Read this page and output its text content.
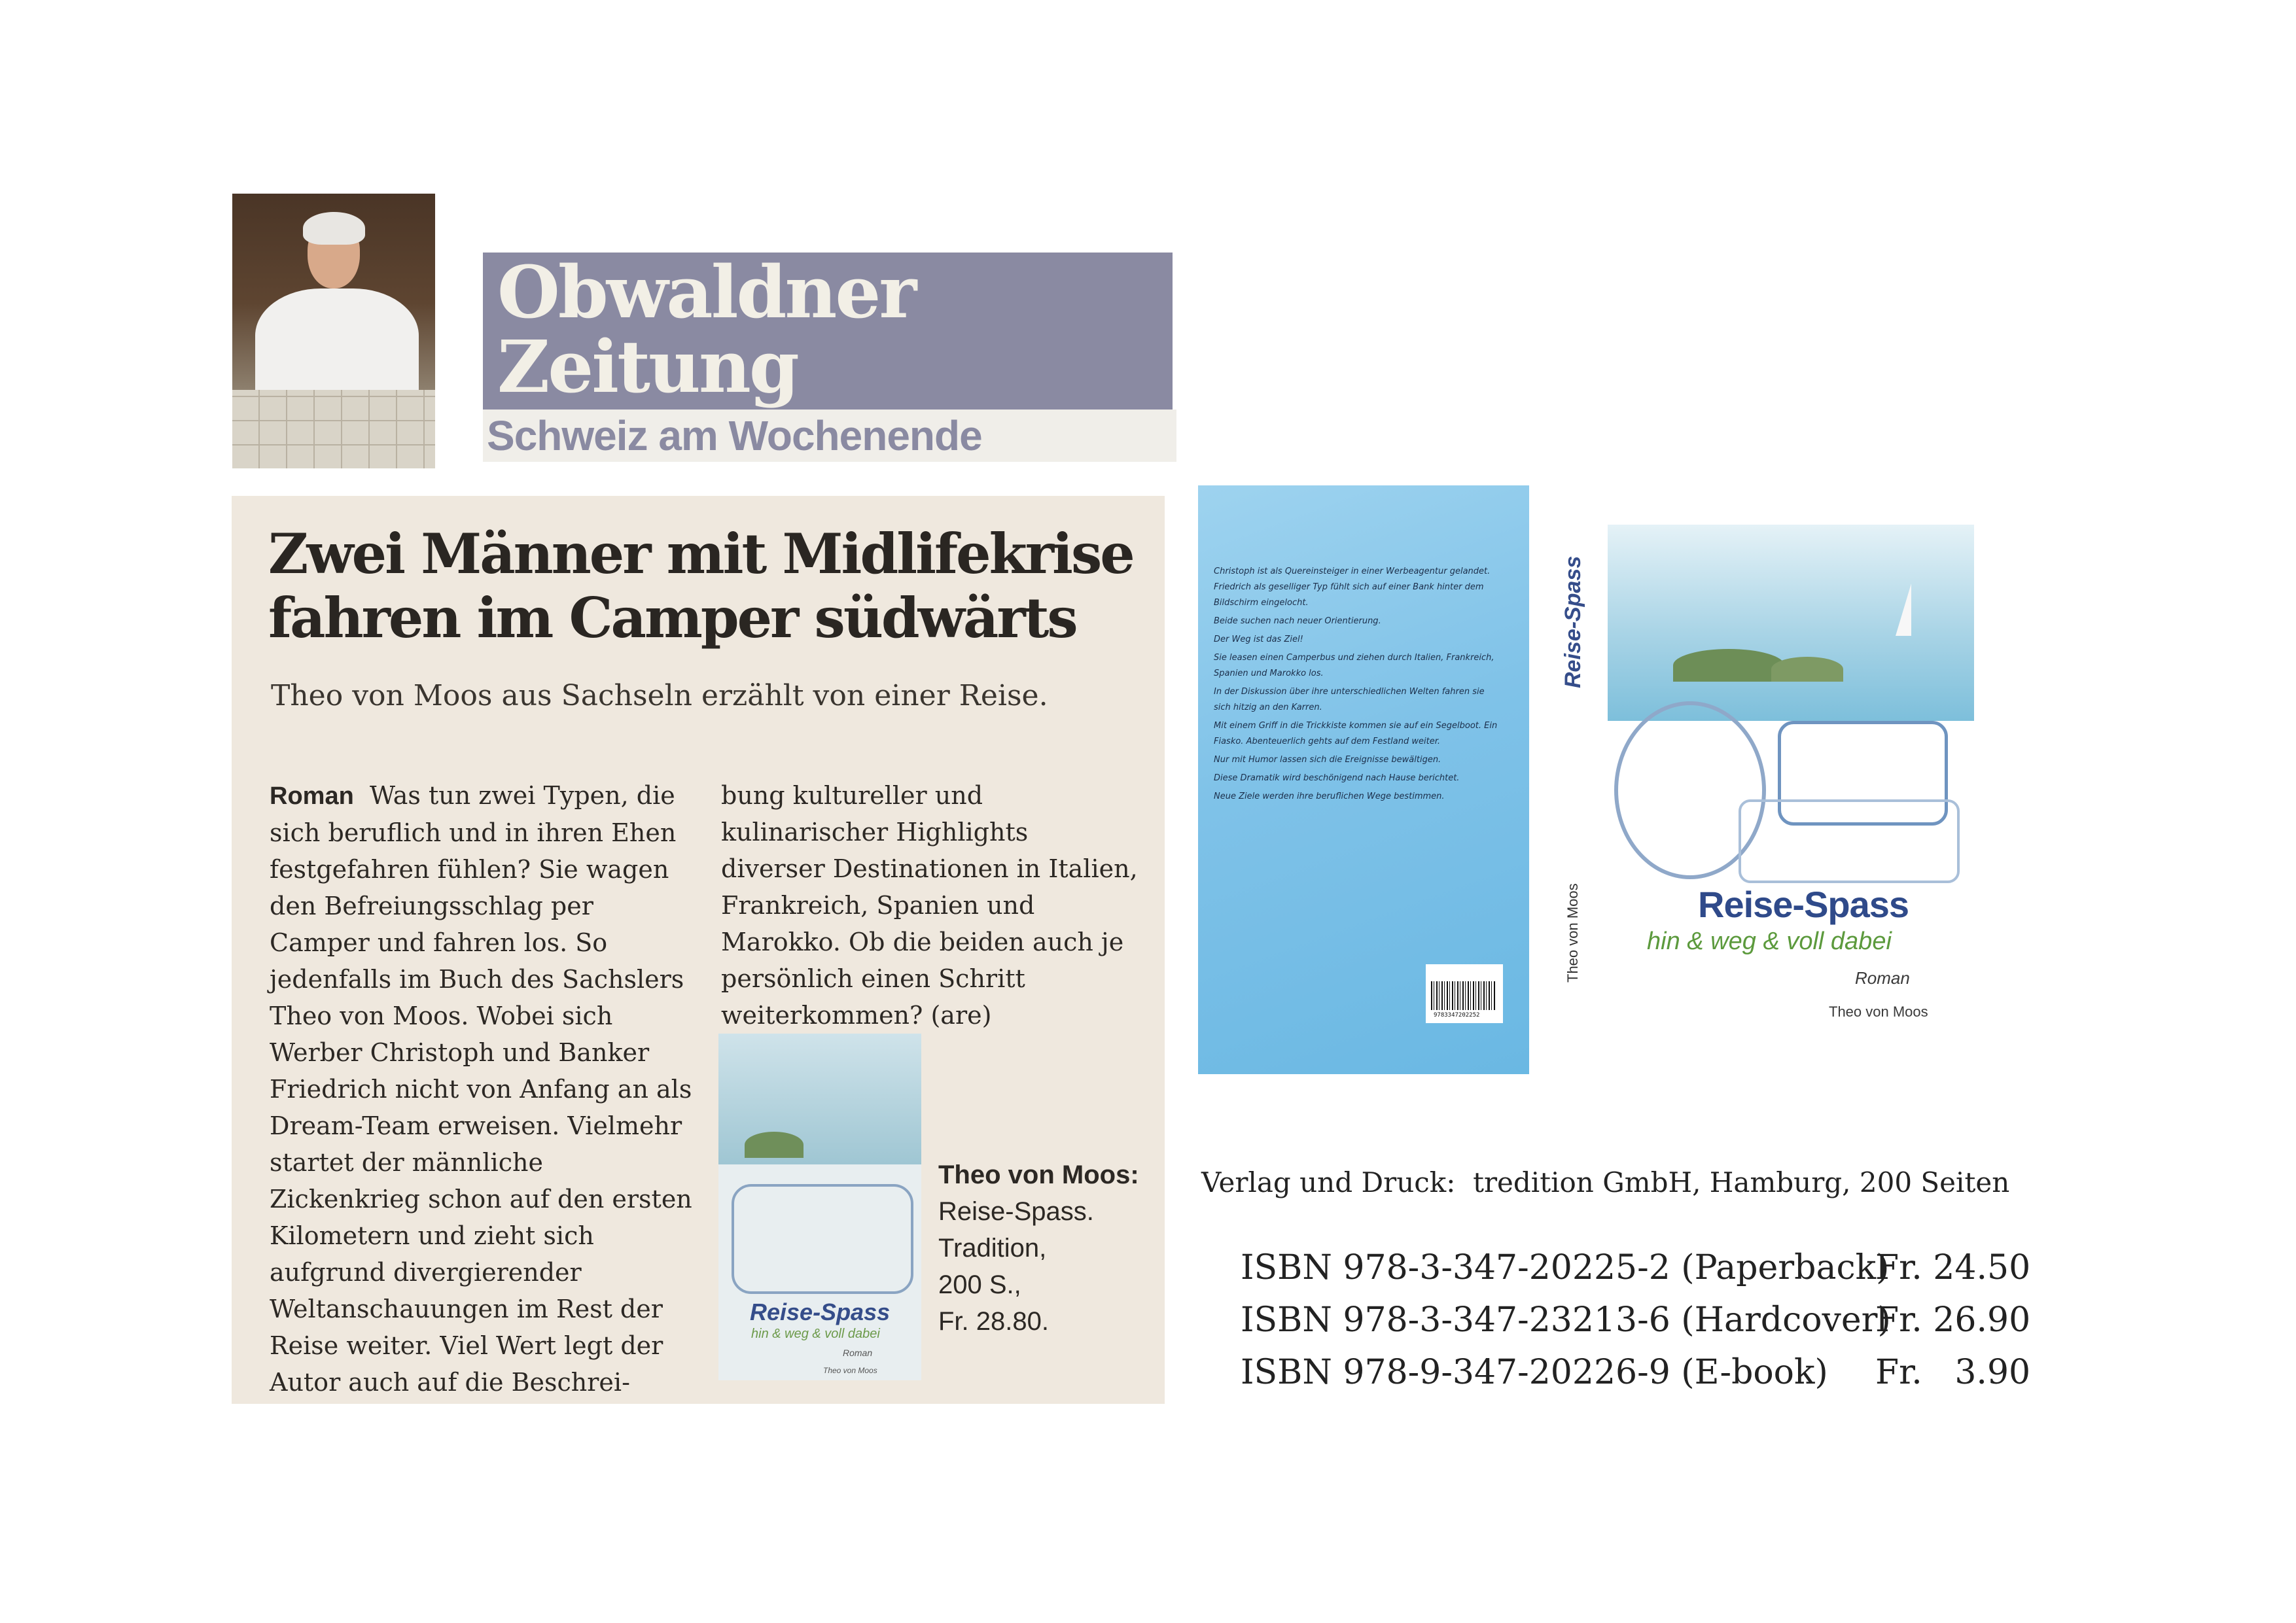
Obwaldner
Zeitung
Schweiz am Wochenende
Zwei Männer mit Midlifekrise fahren im Camper südwärts
Theo von Moos aus Sachseln erzählt von einer Reise.

Roman Was tun zwei Typen, die sich beruflich und in ihren Ehen festgefahren fühlen? Sie wagen den Befreiungsschlag per Camper und fahren los. So jedenfalls im Buch des Sachslers Theo von Moos. Wobei sich Werber Christoph und Banker Friedrich nicht von Anfang an als Dream-Team erweisen. Vielmehr startet der männliche Zickenkrieg schon auf den ersten Kilometern und zieht sich aufgrund divergierender Weltanschauungen im Rest der Reise weiter. Viel Wert legt der Autor auch auf die Beschrei-

bung kultureller und kulinarischer Highlights diverser Destinationen in Italien, Frankreich, Spanien und Marokko. Ob die beiden auch je persönlich einen Schritt weiterkommen? (are)

Reise-Spass
hin & weg & voll dabei
Roman
Theo von Moos
Theo von Moos:
Reise-Spass.
Tradition,
200 S.,
Fr. 28.80.

Christoph ist als Quereinsteiger in einer Werbeagentur gelandet. Friedrich als geselliger Typ fühlt sich auf einer Bank hinter dem Bildschirm eingelocht.

Beide suchen nach neuer Orientierung.

Der Weg ist das Ziel!

Sie leasen einen Camperbus und ziehen durch Italien, Frankreich, Spanien und Marokko los.

In der Diskussion über ihre unterschiedlichen Welten fahren sie sich hitzig an den Karren.

Mit einem Griff in die Trickkiste kommen sie auf ein Segelboot. Ein Fiasko. Abenteuerlich gehts auf dem Festland weiter.

Nur mit Humor lassen sich die Ereignisse bewältigen.

Diese Dramatik wird beschönigend nach Hause berichtet.

Neue Ziele werden ihre beruflichen Wege bestimmen.

9783347202252
Reise-Spass
Theo von Moos	Reise-Spass
hin & weg & voll dabei
Roman
Theo von Moos
Verlag und Druck:  tredition GmbH, Hamburg, 200 Seiten
ISBN 978-3-347-20225-2 (Paperback)
Fr. 24.50
ISBN 978-3-347-23213-6 (Hardcover)
Fr. 26.90
ISBN 978-9-347-20226-9 (E-book) Fr.   3.90
